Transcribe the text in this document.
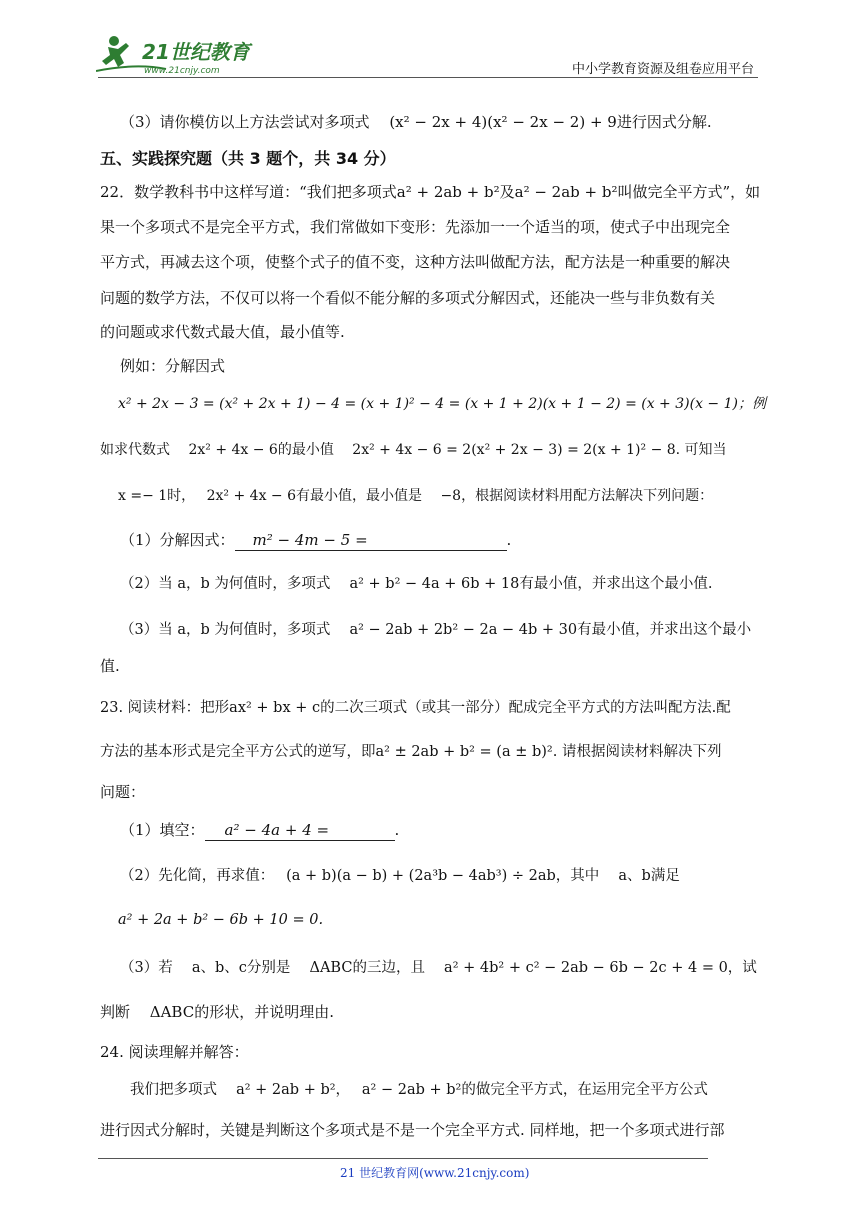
21世纪教育
www.21cnjy.com	中小学教育资源及组卷应用平台
（3）请你模仿以上方法尝试对多项式　 (x² − 2x + 4)(x² − 2x − 2) + 9进行因式分解.
五、实践探究题（共 3 题个，共 34 分）
22．数学教科书中这样写道：“我们把多项式a² + 2ab + b²及a² − 2ab + b²叫做完全平方式”，如
果一个多项式不是完全平方式，我们常做如下变形：先添加一一个适当的项，使式子中出现完全
平方式，再减去这个项，使整个式子的值不变，这种方法叫做配方法，配方法是一种重要的解决
问题的数学方法，不仅可以将一个看似不能分解的多项式分解因式，还能决一些与非负数有关
的问题或求代数式最大值，最小值等.
例如：分解因式
x² + 2x − 3 = (x² + 2x + 1) − 4 = (x + 1)² − 4 = (x + 1 + 2)(x + 1 − 2) = (x + 3)(x − 1)；例
如求代数式　 2x² + 4x − 6的最小值　 2x² + 4x − 6 = 2(x² + 2x − 3) = 2(x + 1)² − 8. 可知当
x =− 1时，　 2x² + 4x − 6有最小值，最小值是　 −8，根据阅读材料用配方法解决下列问题：
（1）分解因式： m² − 4m − 5 =	.
（2）当 a，b 为何值时，多项式　 a² + b² − 4a + 6b + 18有最小值，并求出这个最小值.
（3）当 a，b 为何值时，多项式　 a² − 2ab + 2b² − 2a − 4b + 30有最小值，并求出这个最小
值.
23. 阅读材料：把形ax² + bx + c的二次三项式（或其一部分）配成完全平方式的方法叫配方法.配
方法的基本形式是完全平方公式的逆写，即a² ± 2ab + b² = (a ± b)². 请根据阅读材料解决下列
问题：
（1）填空： a² − 4a + 4 =	.
（2）先化简，再求值：　 (a + b)(a − b) + (2a³b − 4ab³) ÷ 2ab，其中　 a、b满足
a² + 2a + b² − 6b + 10 = 0.
（3）若　 a、b、c分别是　 ΔABC的三边，且　 a² + 4b² + c² − 2ab − 6b − 2c + 4 = 0，试
判断　 ΔABC的形状，并说明理由.
24. 阅读理解并解答：
我们把多项式　 a² + 2ab + b²，　 a² − 2ab + b²的做完全平方式，在运用完全平方公式
进行因式分解时，关键是判断这个多项式是不是一个完全平方式. 同样地，把一个多项式进行部
21 世纪教育网(www.21cnjy.com)
